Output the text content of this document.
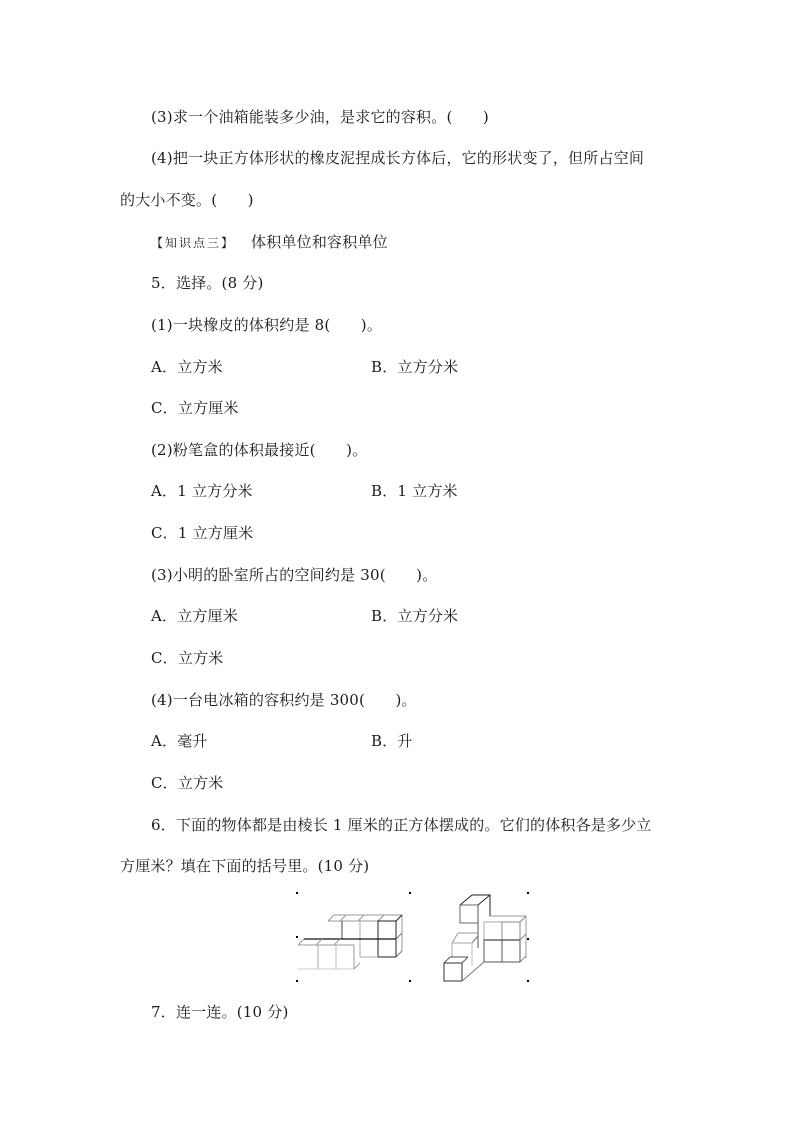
(3)求一个油箱能装多少油，是求它的容积。(　　)
(4)把一块正方体形状的橡皮泥捏成长方体后，它的形状变了，但所占空间
的大小不变。(　　)
【知识点三】 体积单位和容积单位
5．选择。(8 分)
(1)一块橡皮的体积约是 8(　　)。
A．立方米	B．立方分米
C．立方厘米
(2)粉笔盒的体积最接近(　　)。
A．1 立方分米	B．1 立方米
C．1 立方厘米
(3)小明的卧室所占的空间约是 30(　　)。
A．立方厘米	B．立方分米
C．立方米
(4)一台电冰箱的容积约是 300(　　)。
A．毫升	B．升
C．立方米
6．下面的物体都是由棱长 1 厘米的正方体摆成的。它们的体积各是多少立
方厘米？填在下面的括号里。(10 分)
7．连一连。(10 分)
